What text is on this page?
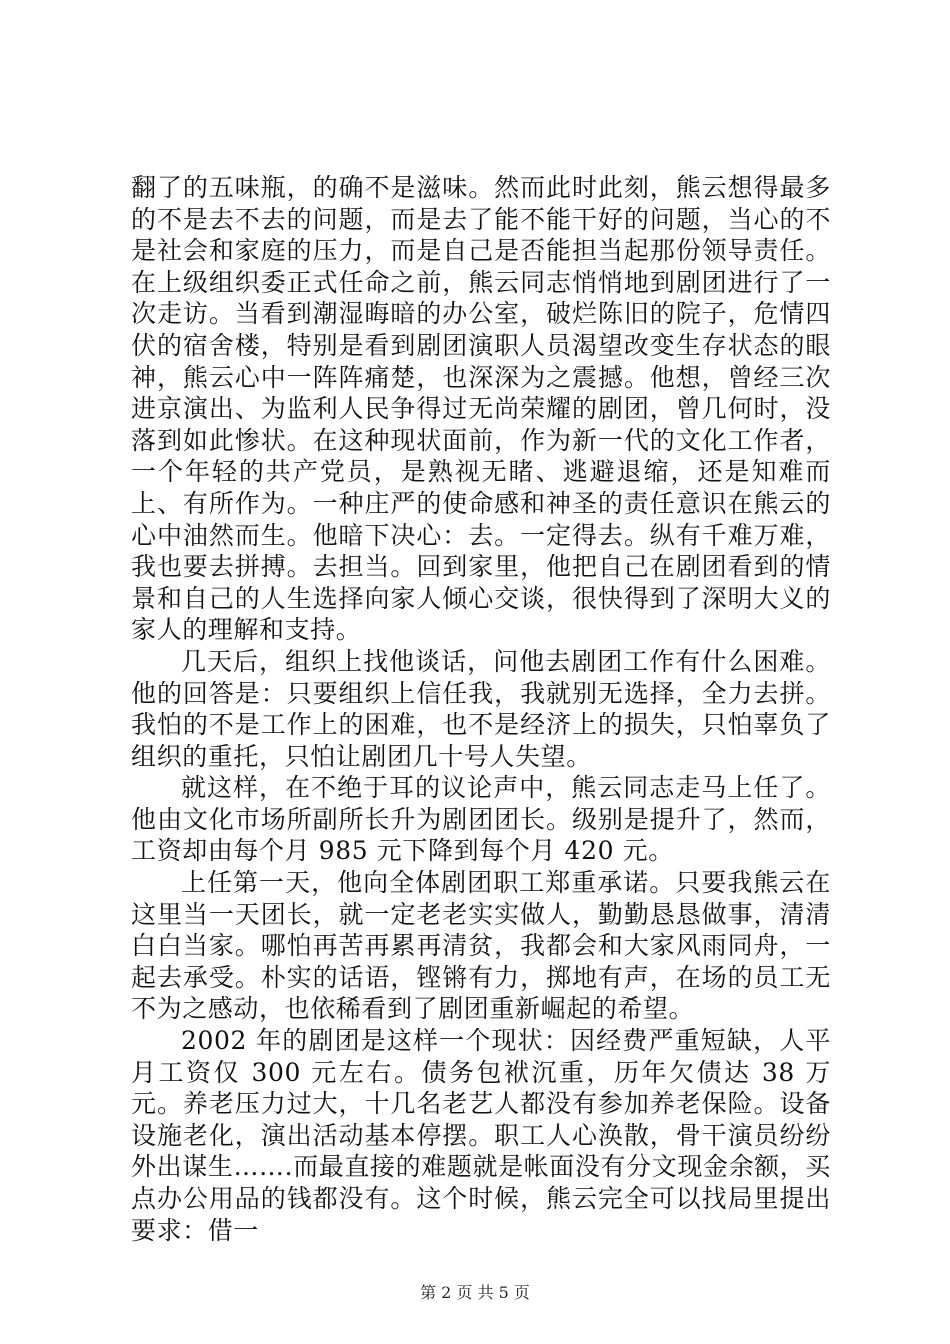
翻了的五味瓶，的确不是滋味。然而此时此刻，熊云想得最多的不是去不去的问题，而是去了能不能干好的问题，当心的不是社会和家庭的压力，而是自己是否能担当起那份领导责任。在上级组织委正式任命之前，熊云同志悄悄地到剧团进行了一次走访。当看到潮湿晦暗的办公室，破烂陈旧的院子，危情四伏的宿舍楼，特别是看到剧团演职人员渴望改变生存状态的眼神，熊云心中一阵阵痛楚，也深深为之震撼。他想，曾经三次进京演出、为监利人民争得过无尚荣耀的剧团，曾几何时，没落到如此惨状。在这种现状面前，作为新一代的文化工作者，一个年轻的共产党员，是熟视无睹、逃避退缩，还是知难而上、有所作为。一种庄严的使命感和神圣的责任意识在熊云的心中油然而生。他暗下决心：去。一定得去。纵有千难万难，我也要去拼搏。去担当。回到家里，他把自己在剧团看到的情景和自己的人生选择向家人倾心交谈，很快得到了深明大义的家人的理解和支持。

几天后，组织上找他谈话，问他去剧团工作有什么困难。他的回答是：只要组织上信任我，我就别无选择，全力去拼。我怕的不是工作上的困难，也不是经济上的损失，只怕辜负了组织的重托，只怕让剧团几十号人失望。

就这样，在不绝于耳的议论声中，熊云同志走马上任了。他由文化市场所副所长升为剧团团长。级别是提升了，然而，工资却由每个月 985 元下降到每个月 420 元。

上任第一天，他向全体剧团职工郑重承诺。只要我熊云在这里当一天团长，就一定老老实实做人，勤勤恳恳做事，清清白白当家。哪怕再苦再累再清贫，我都会和大家风雨同舟，一起去承受。朴实的话语，铿锵有力，掷地有声，在场的员工无不为之感动，也依稀看到了剧团重新崛起的希望。

2002 年的剧团是这样一个现状：因经费严重短缺，人平月工资仅 300 元左右。债务包袱沉重，历年欠债达 38 万元。养老压力过大，十几名老艺人都没有参加养老保险。设备设施老化，演出活动基本停摆。职工人心涣散，骨干演员纷纷外出谋生…….而最直接的难题就是帐面没有分文现金余额，买点办公用品的钱都没有。这个时候，熊云完全可以找局里提出要求：借一

第 2 页 共 5 页
